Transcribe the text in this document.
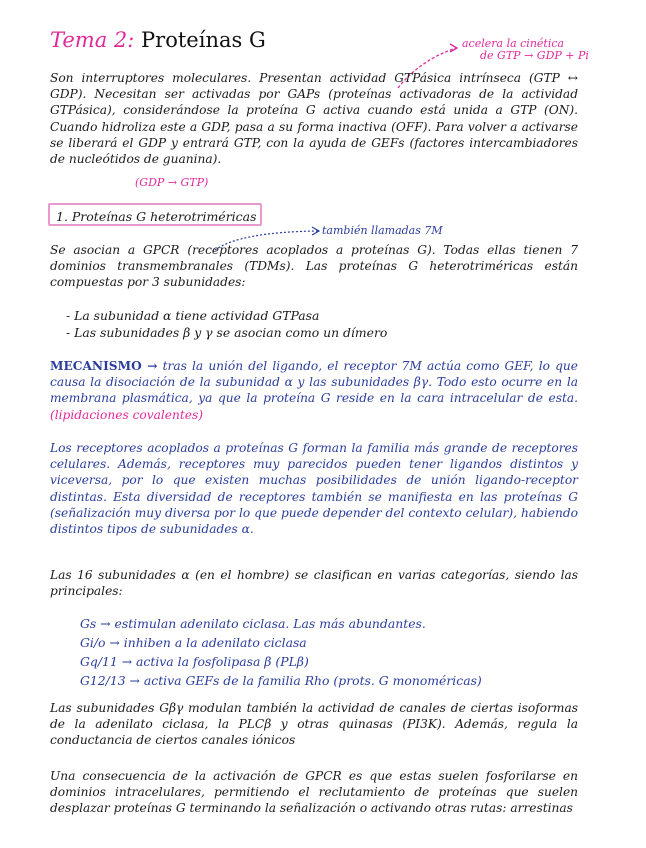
Tema 2: Proteínas G	acelera la cinética
de GTP → GDP + Pi
Son interruptores moleculares. Presentan actividad GTPásica intrínseca (GTP ↔ GDP). Necesitan ser activadas por GAPs (proteínas activadoras de la actividad GTPásica), considerándose la proteína G activa cuando está unida a GTP (ON). Cuando hidroliza este a GDP, pasa a su forma inactiva (OFF). Para volver a activarse se liberará el GDP y entrará GTP, con la ayuda de GEFs (factores intercambiadores de nucleótidos de guanina).
(GDP → GTP)
1. Proteínas G heterotriméricas
también llamadas 7M
Se asocian a GPCR (receptores acoplados a proteínas G). Todas ellas tienen 7 dominios transmembranales (TDMs). Las proteínas G heterotriméricas están compuestas por 3 subunidades:
- La subunidad α tiene actividad GTPasa
- Las subunidades β y γ se asocian como un dímero
MECANISMO → tras la unión del ligando, el receptor 7M actúa como GEF, lo que causa la disociación de la subunidad α y las subunidades βγ. Todo esto ocurre en la membrana plasmática, ya que la proteína G reside en la cara intracelular de esta. (lipidaciones covalentes)
Los receptores acoplados a proteínas G forman la familia más grande de receptores celulares. Además, receptores muy parecidos pueden tener ligandos distintos y viceversa, por lo que existen muchas posibilidades de unión ligando-receptor distintas. Esta diversidad de receptores también se manifiesta en las proteínas G (señalización muy diversa por lo que puede depender del contexto celular), habiendo distintos tipos de subunidades α.
Las 16 subunidades α (en el hombre) se clasifican en varias categorías, siendo las principales:
Gs → estimulan adenilato ciclasa. Las más abundantes.
Gi/o → inhiben a la adenilato ciclasa
Gq/11 → activa la fosfolipasa β (PLβ)
G12/13 → activa GEFs de la familia Rho (prots. G monoméricas)
Las subunidades Gβγ modulan también la actividad de canales de ciertas isoformas de la adenilato ciclasa, la PLCβ y otras quinasas (PI3K). Además, regula la conductancia de ciertos canales iónicos
Una consecuencia de la activación de GPCR es que estas suelen fosforilarse en dominios intracelulares, permitiendo el reclutamiento de proteínas que suelen desplazar proteínas G terminando la señalización o activando otras rutas: arrestinas
